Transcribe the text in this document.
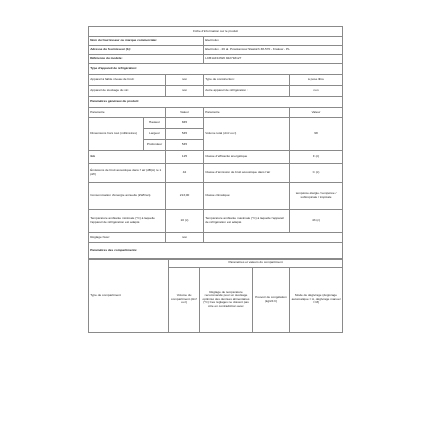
Fiche d'information sur le produit				
Nom du fournisseur ou marque commerciale:			Electrolux	
Adresse du fournisseur (b):			Electrolux - 26 al. Powstancow Slaskich 38-570 - Krakow - PL	
Référence du modèle:			LCB1AF10W0 922718127	
Type d'appareil de réfrigération:				
Appareil à faible niveau de bruit:		non	Type de construction:	à pose libre
Appareil de stockage du vin:		non	Autre appareil de réfrigération :	non
Paramètres généraux du produit:				
Paramètre		Valeur	Paramètre	Valeur
Dimensions hors tout (millimètres)	Hauteur	845	Volume total (dm³ ou l)	98
	Largeur	545		
	Profondeur	545		
IEE		125	Classe d'efficacité énergétique	F (c)
Émissions de bruit acoustique dans l' air (dB(A) re 1 pW)		42	Classe d'émission de bruit acoustique dans l'air	C (c)
Consommation d'énergie annuelle (kWh/an)		213,00	Classe climatique:	tempérée élargie / tempérée / subtropicale / tropicale
Température ambiante minimale (°C) à laquelle l'appareil de réfrigération est adapté		10 (c)	Température ambiante maximale (°C) à laquelle l'appareil de réfrigération est adapté	43 (c)
Réglage hiver:		non		
Paramètres des compartiments:				
Type de compartiment	Paramètres et valeurs du compartiment			
	Volume du compartiment (dm³ ou l)	Réglage de température recommandé pour un stockage optimisé des denrées alimentaires (°C) Ces réglages ne doivent pas être en contradiction avec	Pouvoir de congélation (kg/24 h)	Mode de dégivrage (dégivrage automatique = A, dégivrage manuel = M)
